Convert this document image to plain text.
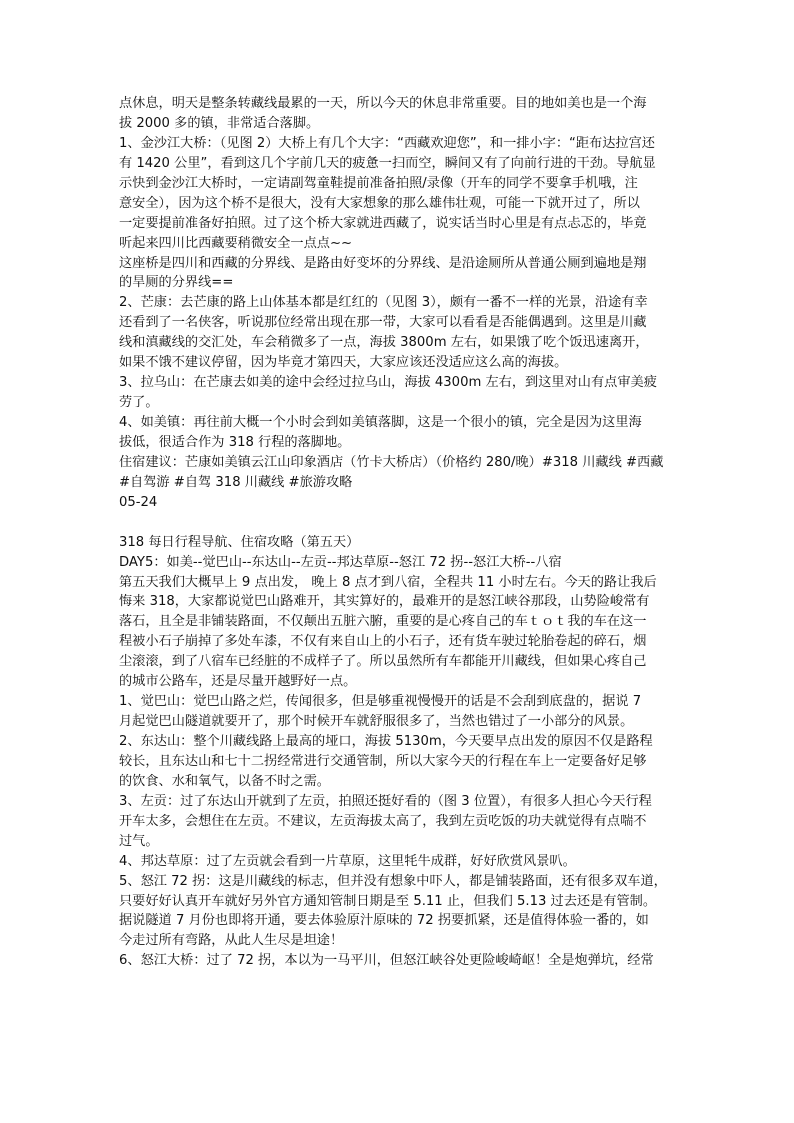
点休息，明天是整条转藏线最累的一天，所以今天的休息非常重要。目的地如美也是一个海
拔 2000 多的镇，非常适合落脚。
1、金沙江大桥：（见图 2）大桥上有几个大字：“西藏欢迎您”，和一排小字：“距布达拉宫还
有 1420 公里”，看到这几个字前几天的疲惫一扫而空，瞬间又有了向前行进的干劲。导航显
示快到金沙江大桥时，一定请副驾童鞋提前准备拍照/录像（开车的同学不要拿手机哦，注
意安全），因为这个桥不是很大，没有大家想象的那么雄伟壮观，可能一下就开过了，所以
一定要提前准备好拍照。过了这个桥大家就进西藏了，说实话当时心里是有点忐忑的，毕竟
听起来四川比西藏要稍微安全一点点~~
这座桥是四川和西藏的分界线、是路由好变坏的分界线、是沿途厕所从普通公厕到遍地是翔
的旱厕的分界线==
2、芒康：去芒康的路上山体基本都是红红的（见图 3），颇有一番不一样的光景，沿途有幸
还看到了一名侠客，听说那位经常出现在那一带，大家可以看看是否能偶遇到。这里是川藏
线和滇藏线的交汇处，车会稍微多了一点，海拔 3800m 左右，如果饿了吃个饭迅速离开，
如果不饿不建议停留，因为毕竟才第四天，大家应该还没适应这么高的海拔。
3、拉乌山：在芒康去如美的途中会经过拉乌山，海拔 4300m 左右，到这里对山有点审美疲
劳了。
4、如美镇：再往前大概一个小时会到如美镇落脚，这是一个很小的镇，完全是因为这里海
拔低，很适合作为 318 行程的落脚地。
住宿建议：芒康如美镇云江山印象酒店（竹卡大桥店）（价格约 280/晚）#318 川藏线 #西藏
#自驾游 #自驾 318 川藏线 #旅游攻略
05-24
318 每日行程导航、住宿攻略（第五天）
DAY5：如美--觉巴山--东达山--左贡--邦达草原--怒江 72 拐--怒江大桥--八宿
第五天我们大概早上 9 点出发， 晚上 8 点才到八宿，全程共 11 小时左右。今天的路让我后
悔来 318，大家都说觉巴山路难开，其实算好的，最难开的是怒江峡谷那段，山势险峻常有
落石，且全是非铺装路面，不仅颠出五脏六腑，重要的是心疼自己的车ｔｏｔ我的车在这一
程被小石子崩掉了多处车漆，不仅有来自山上的小石子，还有货车驶过轮胎卷起的碎石，烟
尘滚滚，到了八宿车已经脏的不成样子了。所以虽然所有车都能开川藏线，但如果心疼自己
的城市公路车，还是尽量开越野好一点。
1、觉巴山：觉巴山路之烂，传闻很多，但是够重视慢慢开的话是不会刮到底盘的，据说 7
月起觉巴山隧道就要开了，那个时候开车就舒服很多了，当然也错过了一小部分的风景。
2、东达山：整个川藏线路上最高的垭口，海拔 5130m，今天要早点出发的原因不仅是路程
较长，且东达山和七十二拐经常进行交通管制，所以大家今天的行程在车上一定要备好足够
的饮食、水和氧气，以备不时之需。
3、左贡：过了东达山开就到了左贡，拍照还挺好看的（图 3 位置），有很多人担心今天行程
开车太多，会想住在左贡。不建议，左贡海拔太高了，我到左贡吃饭的功夫就觉得有点喘不
过气。
4、邦达草原：过了左贡就会看到一片草原，这里牦牛成群，好好欣赏风景叭。
5、怒江 72 拐：这是川藏线的标志，但并没有想象中吓人，都是铺装路面，还有很多双车道，
只要好好认真开车就好另外官方通知管制日期是至 5.11 止，但我们 5.13 过去还是有管制。
据说隧道 7 月份也即将开通，要去体验原汁原味的 72 拐要抓紧，还是值得体验一番的，如
今走过所有弯路，从此人生尽是坦途！
6、怒江大桥：过了 72 拐，本以为一马平川，但怒江峡谷处更险峻崎岖！全是炮弹坑，经常
